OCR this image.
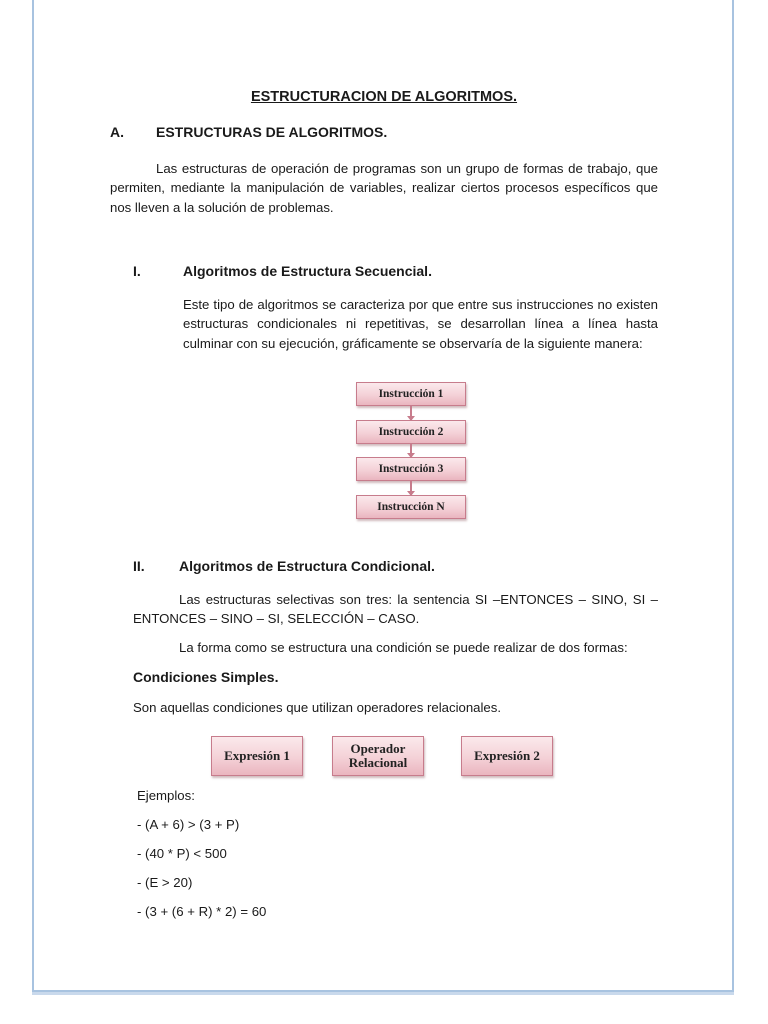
ESTRUCTURACION DE ALGORITMOS.
A. ESTRUCTURAS DE ALGORITMOS.

Las estructuras de operación de programas son un grupo de formas de trabajo, que permiten, mediante la manipulación de variables, realizar ciertos procesos específicos que nos lleven a la solución de problemas.

I.	Algoritmos de Estructura Secuencial.

Este tipo de algoritmos se caracteriza por que entre sus instrucciones no existen estructuras condicionales ni repetitivas, se desarrollan línea a línea hasta culminar con su ejecución, gráficamente se observaría de la siguiente manera:

Instrucción 1
Instrucción 2
Instrucción 3
Instrucción N
II. Algoritmos de Estructura Condicional.

Las estructuras selectivas son tres: la sentencia SI –ENTONCES – SINO, SI – ENTONCES – SINO – SI, SELECCIÓN – CASO.

La forma como se estructura una condición se puede realizar de dos formas:

Condiciones Simples.

Son aquellas condiciones que utilizan operadores relacionales.

Expresión 1	Operador
Relacional	Expresión 2
Ejemplos:
- (A + 6) > (3 + P)
- (40 * P) < 500
- (E > 20)
- (3 + (6 + R) * 2) = 60
